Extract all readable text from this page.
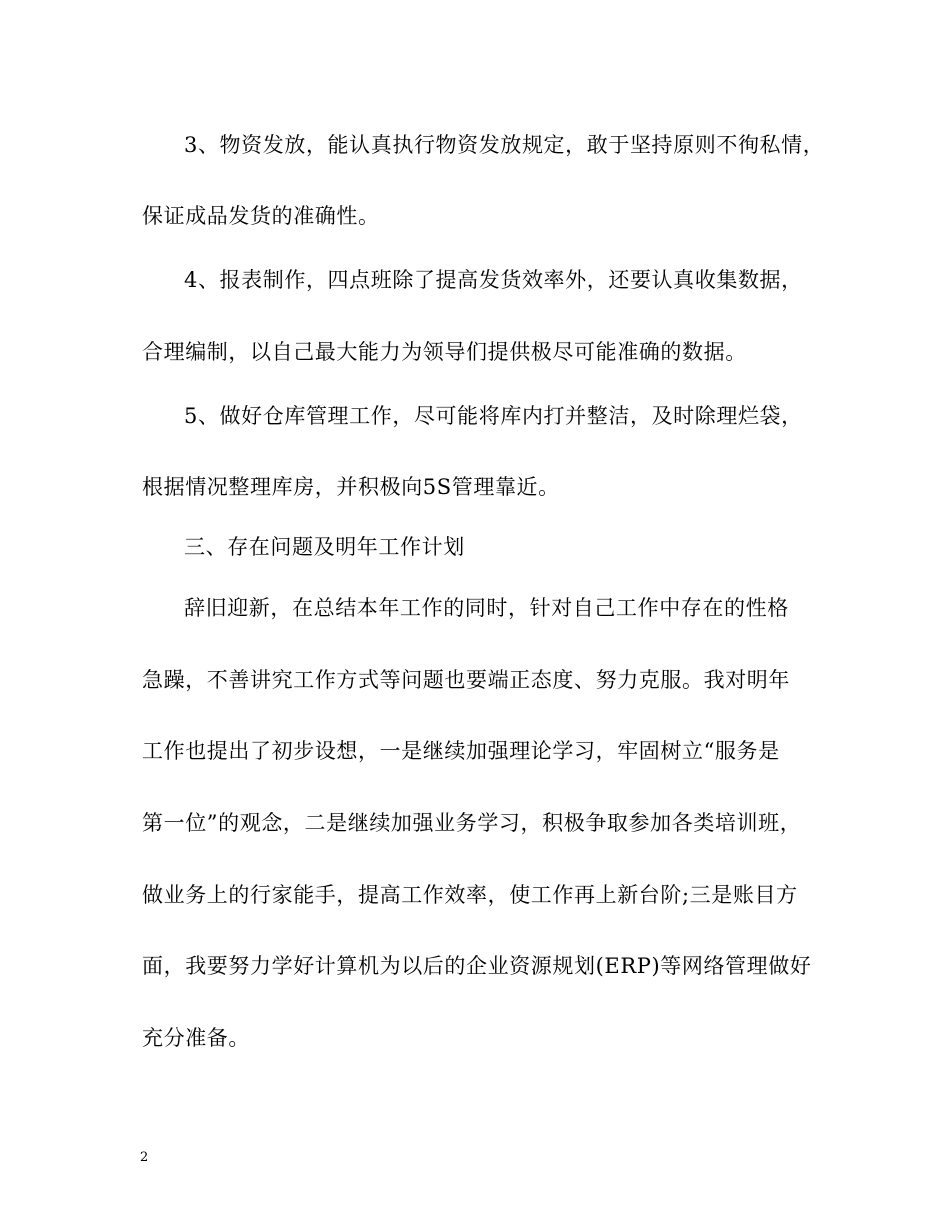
3、物资发放，能认真执行物资发放规定，敢于坚持原则不徇私情，
保证成品发货的准确性。
4、报表制作，四点班除了提高发货效率外，还要认真收集数据，
合理编制，以自己最大能力为领导们提供极尽可能准确的数据。
5、做好仓库管理工作，尽可能将库内打并整洁，及时除理烂袋，
根据情况整理库房，并积极向5S管理靠近。
三、存在问题及明年工作计划
辞旧迎新，在总结本年工作的同时，针对自己工作中存在的性格
急躁，不善讲究工作方式等问题也要端正态度、努力克服。我对明年
工作也提出了初步设想，一是继续加强理论学习，牢固树立“服务是
第一位”的观念，二是继续加强业务学习，积极争取参加各类培训班，
做业务上的行家能手，提高工作效率，使工作再上新台阶;三是账目方
面，我要努力学好计算机为以后的企业资源规划(ERP)等网络管理做好
充分准备。
2
